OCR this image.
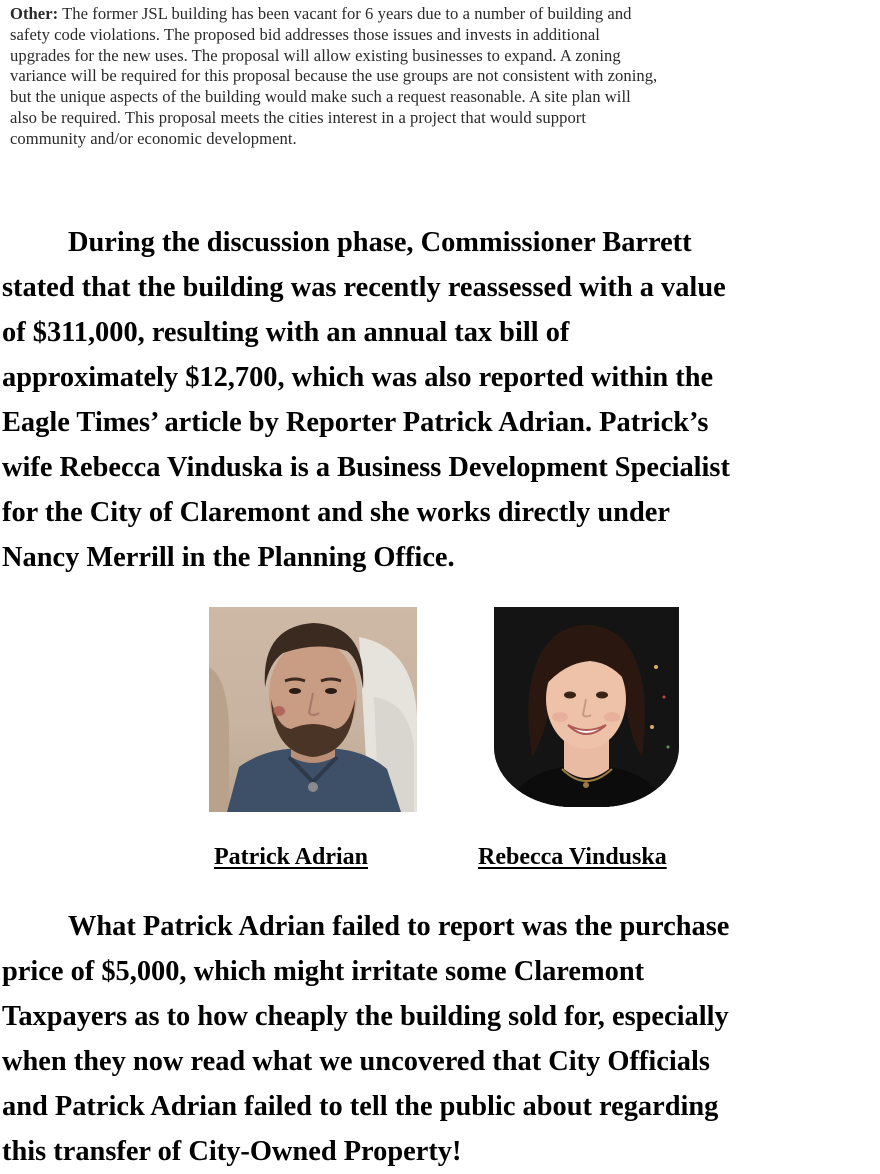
Other: The former JSL building has been vacant for 6 years due to a number of building and
safety code violations. The proposed bid addresses those issues and invests in additional
upgrades for the new uses. The proposal will allow existing businesses to expand. A zoning
variance will be required for this proposal because the use groups are not consistent with zoning,
but the unique aspects of the building would make such a request reasonable. A site plan will
also be required. This proposal meets the cities interest in a project that would support
community and/or economic development.
During the discussion phase, Commissioner Barrett
stated that the building was recently reassessed with a value
of $311,000, resulting with an annual tax bill of
approximately $12,700, which was also reported within the
Eagle Times’ article by Reporter Patrick Adrian. Patrick’s
wife Rebecca Vinduska is a Business Development Specialist
for the City of Claremont and she works directly under
Nancy Merrill in the Planning Office.
Patrick Adrian	Rebecca Vinduska
What Patrick Adrian failed to report was the purchase
price of $5,000, which might irritate some Claremont
Taxpayers as to how cheaply the building sold for, especially
when they now read what we uncovered that City Officials
and Patrick Adrian failed to tell the public about regarding
this transfer of City-Owned Property!
